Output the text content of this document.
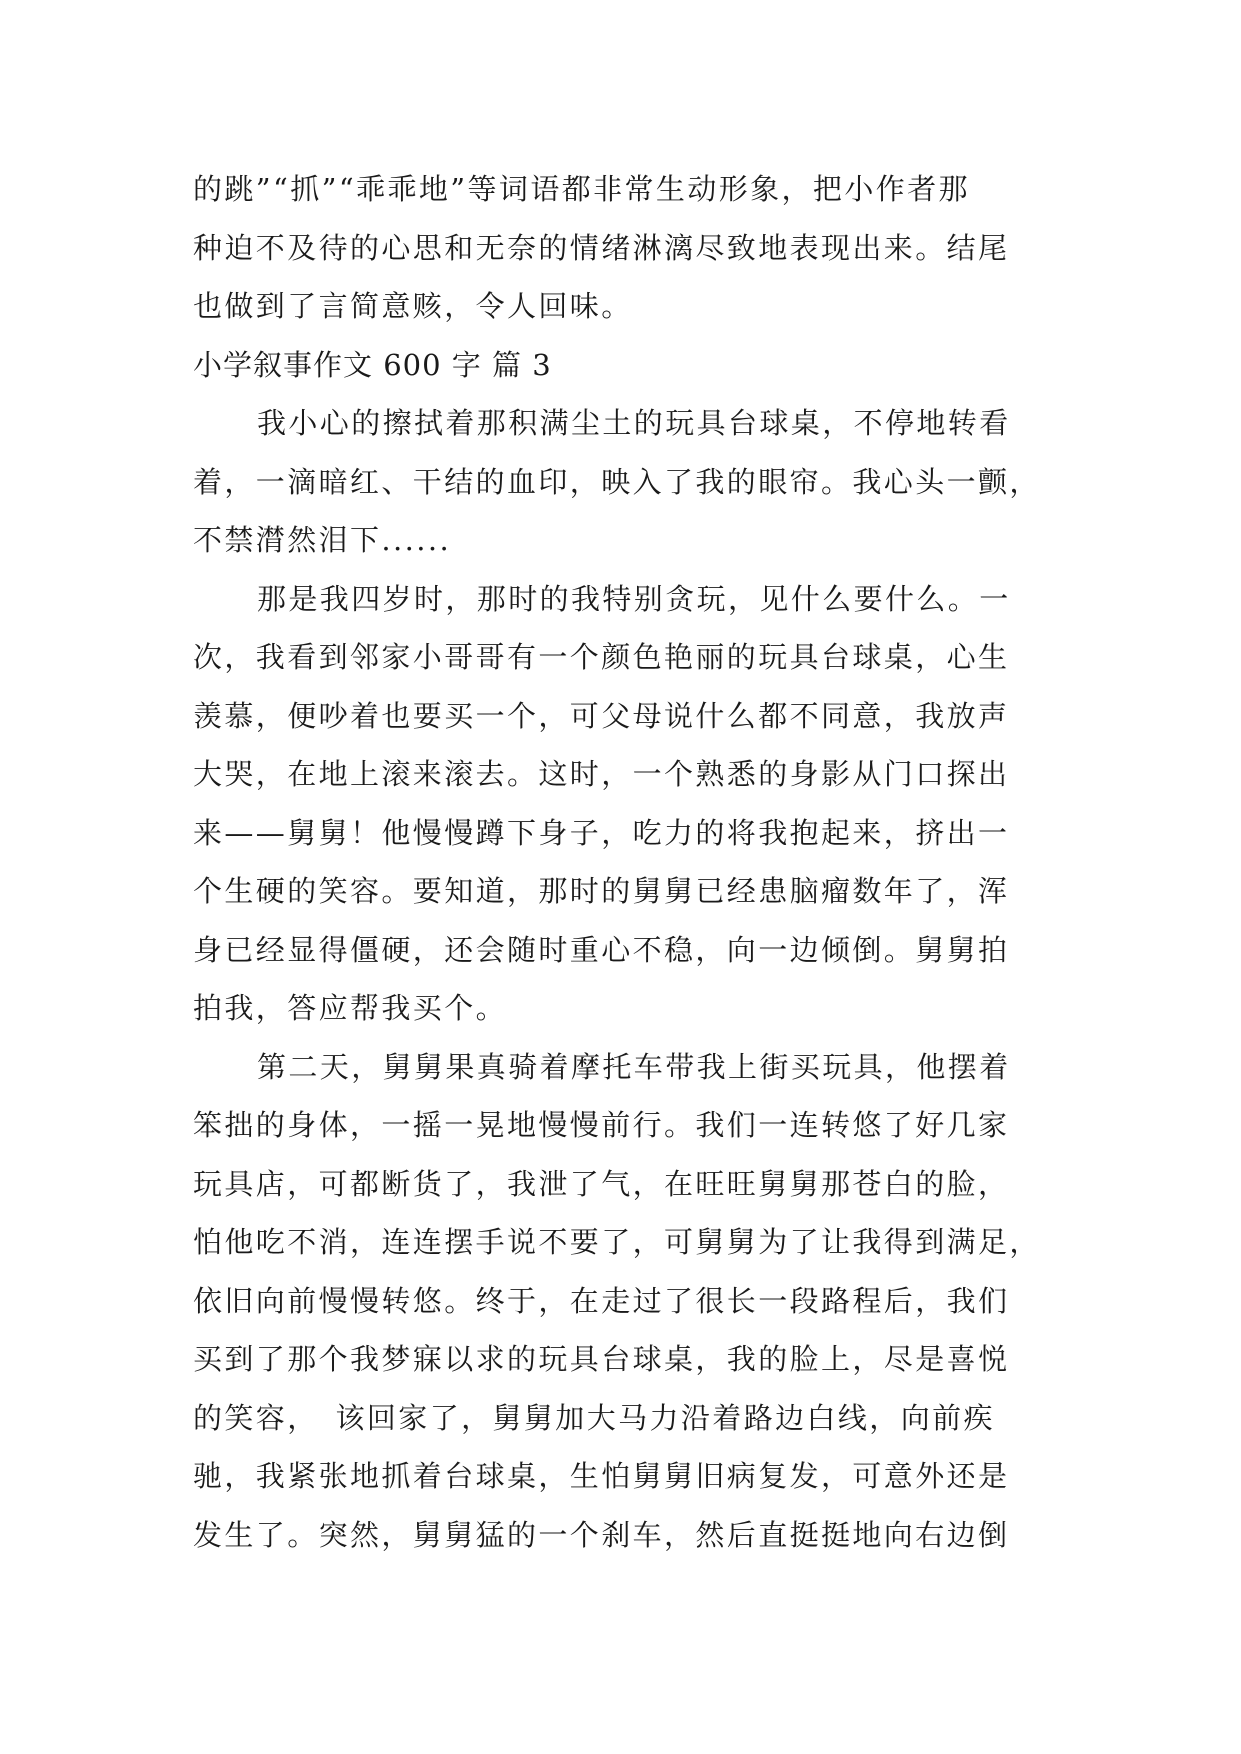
的跳”“抓”“乖乖地”等词语都非常生动形象，把小作者那
种迫不及待的心思和无奈的情绪淋漓尽致地表现出来。结尾
也做到了言简意赅，令人回味。
小学叙事作文 600 字 篇 3
我小心的擦拭着那积满尘土的玩具台球桌，不停地转看
着，一滴暗红、干结的血印，映入了我的眼帘。我心头一颤，
不禁潸然泪下......
那是我四岁时，那时的我特别贪玩，见什么要什么。一
次，我看到邻家小哥哥有一个颜色艳丽的玩具台球桌，心生
羡慕，便吵着也要买一个，可父母说什么都不同意，我放声
大哭，在地上滚来滚去。这时，一个熟悉的身影从门口探出
来——舅舅！他慢慢蹲下身子，吃力的将我抱起来，挤出一
个生硬的笑容。要知道，那时的舅舅已经患脑瘤数年了，浑
身已经显得僵硬，还会随时重心不稳，向一边倾倒。舅舅拍
拍我，答应帮我买个。
第二天，舅舅果真骑着摩托车带我上街买玩具，他摆着
笨拙的身体，一摇一晃地慢慢前行。我们一连转悠了好几家
玩具店，可都断货了，我泄了气，在旺旺舅舅那苍白的脸，
怕他吃不消，连连摆手说不要了，可舅舅为了让我得到满足，
依旧向前慢慢转悠。终于，在走过了很长一段路程后，我们
买到了那个我梦寐以求的玩具台球桌，我的脸上，尽是喜悦
的笑容，　该回家了，舅舅加大马力沿着路边白线，向前疾
驰，我紧张地抓着台球桌，生怕舅舅旧病复发，可意外还是
发生了。突然，舅舅猛的一个刹车，然后直挺挺地向右边倒
